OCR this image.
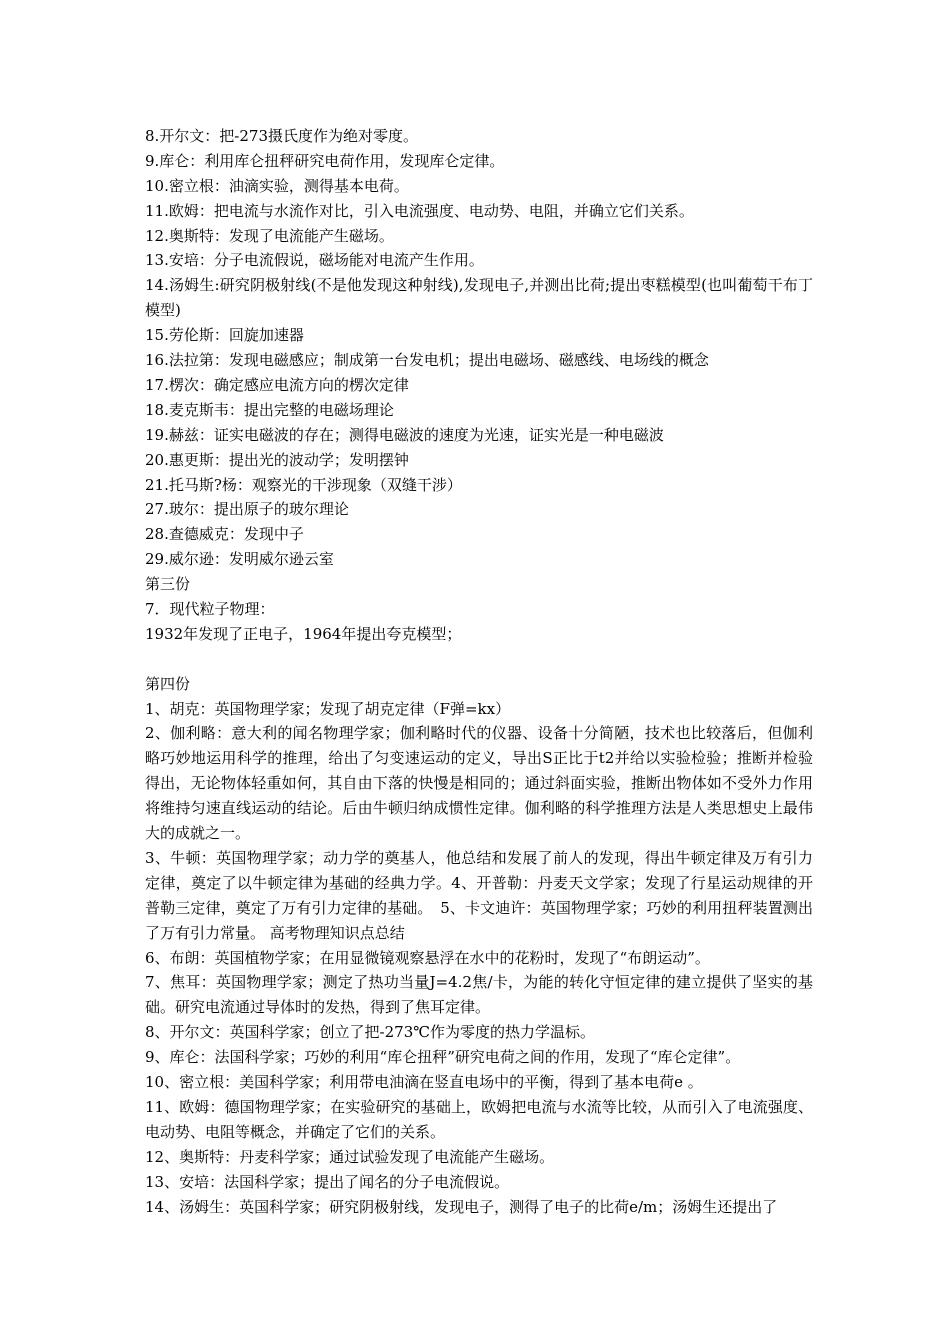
8.开尔文：把-273摄氏度作为绝对零度。
9.库仑：利用库仑扭秤研究电荷作用，发现库仑定律。
10.密立根：油滴实验，测得基本电荷。
11.欧姆：把电流与水流作对比，引入电流强度、电动势、电阻，并确立它们关系。
12.奥斯特：发现了电流能产生磁场。
13.安培：分子电流假说，磁场能对电流产生作用。
14.汤姆生:研究阴极射线(不是他发现这种射线),发现电子,并测出比荷;提出枣糕模型(也叫葡萄干布丁模型)
15.劳伦斯：回旋加速器
16.法拉第：发现电磁感应；制成第一台发电机；提出电磁场、磁感线、电场线的概念
17.楞次：确定感应电流方向的楞次定律
18.麦克斯韦：提出完整的电磁场理论
19.赫兹：证实电磁波的存在；测得电磁波的速度为光速，证实光是一种电磁波
20.惠更斯：提出光的波动学；发明摆钟
21.托马斯?杨：观察光的干涉现象（双缝干涉）
27.玻尔：提出原子的玻尔理论
28.查德威克：发现中子
29.威尔逊：发明威尔逊云室
第三份
7．现代粒子物理：
1932年发现了正电子，1964年提出夸克模型；
第四份
1、胡克：英国物理学家；发现了胡克定律（F弹=kx）
2、伽利略：意大利的闻名物理学家；伽利略时代的仪器、设备十分简陋，技术也比较落后，但伽利略巧妙地运用科学的推理，给出了匀变速运动的定义，导出S正比于t2并给以实验检验；推断并检验得出，无论物体轻重如何，其自由下落的快慢是相同的；通过斜面实验，推断出物体如不受外力作用将维持匀速直线运动的结论。后由牛顿归纳成惯性定律。伽利略的科学推理方法是人类思想史上最伟大的成就之一。
3、牛顿：英国物理学家；动力学的奠基人，他总结和发展了前人的发现，得出牛顿定律及万有引力定律，奠定了以牛顿定律为基础的经典力学。4、开普勒：丹麦天文学家；发现了行星运动规律的开普勒三定律，奠定了万有引力定律的基础。　5、卡文迪许：英国物理学家；巧妙的利用扭秤装置测出了万有引力常量。 高考物理知识点总结
6、布朗：英国植物学家；在用显微镜观察悬浮在水中的花粉时，发现了“布朗运动”。
7、焦耳：英国物理学家；测定了热功当量J=4.2焦/卡，为能的转化守恒定律的建立提供了坚实的基础。研究电流通过导体时的发热，得到了焦耳定律。
8、开尔文：英国科学家；创立了把-273℃作为零度的热力学温标。
9、库仑：法国科学家；巧妙的利用“库仑扭秤”研究电荷之间的作用，发现了“库仑定律”。
10、密立根：美国科学家；利用带电油滴在竖直电场中的平衡，得到了基本电荷e 。
11、欧姆：德国物理学家；在实验研究的基础上，欧姆把电流与水流等比较，从而引入了电流强度、电动势、电阻等概念，并确定了它们的关系。
12、奥斯特：丹麦科学家；通过试验发现了电流能产生磁场。
13、安培：法国科学家；提出了闻名的分子电流假说。
14、汤姆生：英国科学家；研究阴极射线，发现电子，测得了电子的比荷e/m；汤姆生还提出了
